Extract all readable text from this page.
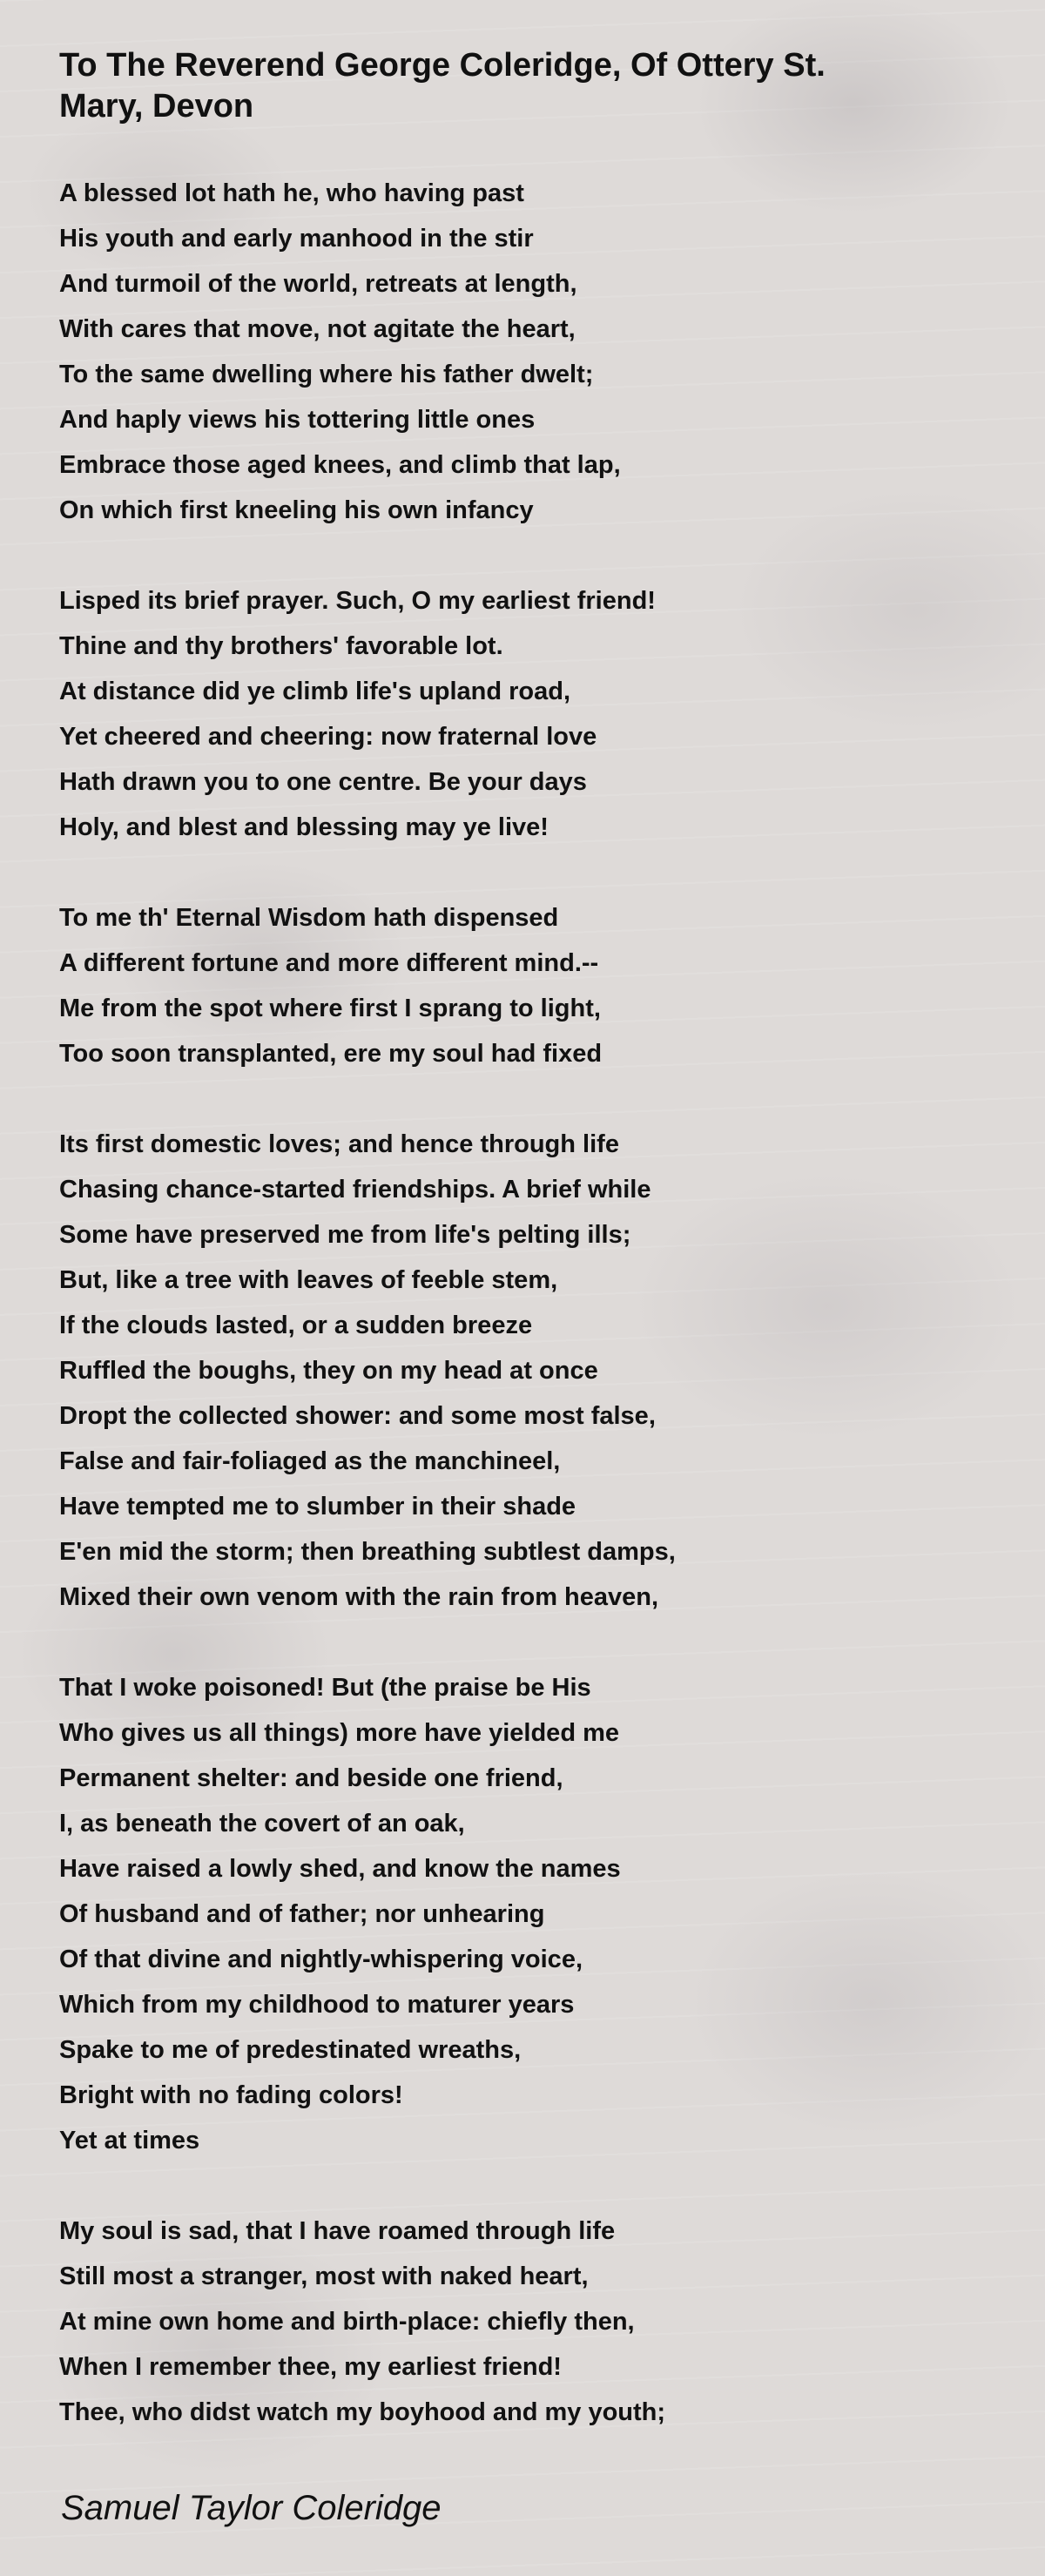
To The Reverend George Coleridge, Of Ottery St. Mary, Devon
A blessed lot hath he, who having past
His youth and early manhood in the stir
And turmoil of the world, retreats at length,
With cares that move, not agitate the heart,
To the same dwelling where his father dwelt;
And haply views his tottering little ones
Embrace those aged knees, and climb that lap,
On which first kneeling his own infancy
Lisped its brief prayer. Such, O my earliest friend!
Thine and thy brothers' favorable lot.
At distance did ye climb life's upland road,
Yet cheered and cheering: now fraternal love
Hath drawn you to one centre. Be your days
Holy, and blest and blessing may ye live!
To me th' Eternal Wisdom hath dispensed
A different fortune and more different mind.--
Me from the spot where first I sprang to light,
Too soon transplanted, ere my soul had fixed
Its first domestic loves; and hence through life
Chasing chance-started friendships. A brief while
Some have preserved me from life's pelting ills;
But, like a tree with leaves of feeble stem,
If the clouds lasted, or a sudden breeze
Ruffled the boughs, they on my head at once
Dropt the collected shower: and some most false,
False and fair-foliaged as the manchineel,
Have tempted me to slumber in their shade
E'en mid the storm; then breathing subtlest damps,
Mixed their own venom with the rain from heaven,
That I woke poisoned! But (the praise be His
Who gives us all things) more have yielded me
Permanent shelter: and beside one friend,
I, as beneath the covert of an oak,
Have raised a lowly shed, and know the names
Of husband and of father; nor unhearing
Of that divine and nightly-whispering voice,
Which from my childhood to maturer years
Spake to me of predestinated wreaths,
Bright with no fading colors!
Yet at times
My soul is sad, that I have roamed through life
Still most a stranger, most with naked heart,
At mine own home and birth-place: chiefly then,
When I remember thee, my earliest friend!
Thee, who didst watch my boyhood and my youth;
Samuel Taylor Coleridge
